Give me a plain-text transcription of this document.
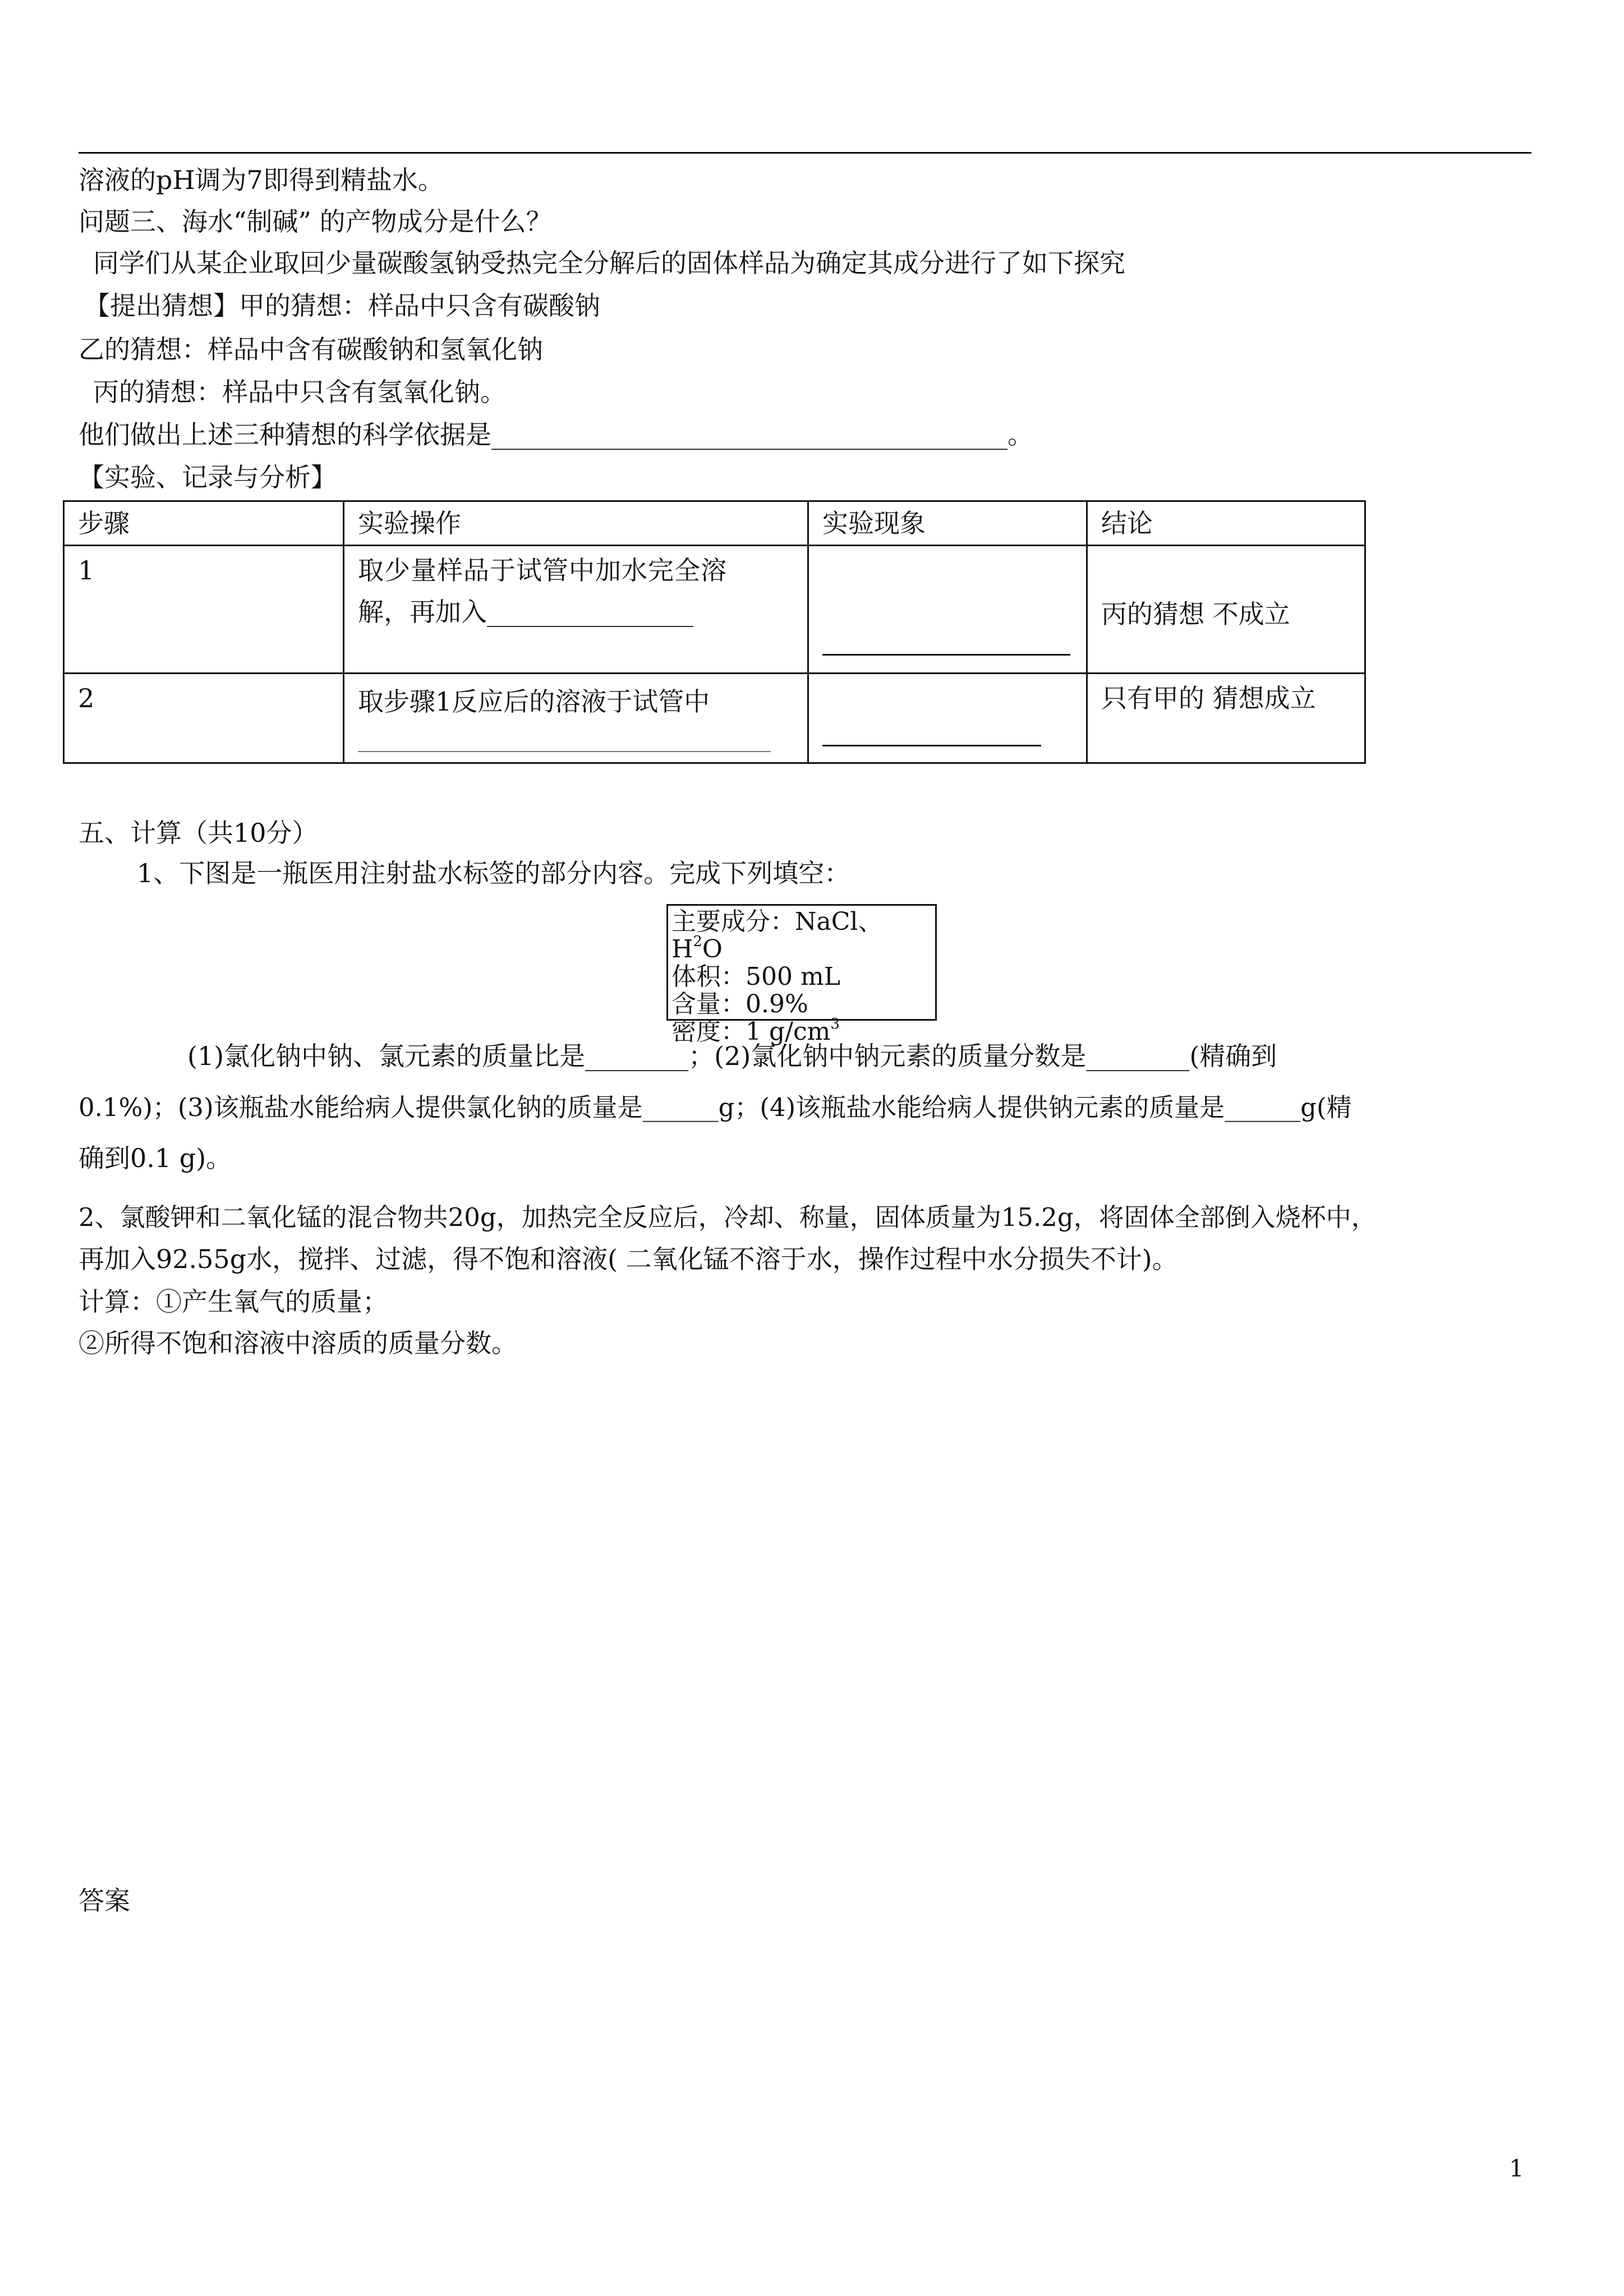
溶液的pH调为7即得到精盐水。
问题三、海水“制碱” 的产物成分是什么？
同学们从某企业取回少量碳酸氢钠受热完全分解后的固体样品为确定其成分进行了如下探究
【提出猜想】甲的猜想：样品中只含有碳酸钠
乙的猜想：样品中含有碳酸钠和氢氧化钠
丙的猜想：样品中只含有氢氧化钠。
他们做出上述三种猜想的科学依据是________________________________________。
【实验、记录与分析】
步骤	实验操作	实验现象	结论
1	取少量样品于试管中加水完全溶
解，再加入________________		丙的猜想 不成立
2	取步骤1反应后的溶液于试管中
________________________________		只有甲的 猜想成立
五、计算（共10分）
1、下图是一瓶医用注射盐水标签的部分内容。完成下列填空：
主要成分：NaCl、$H^2O$
体积：500 mL
含量：0.9%
密度：1 $g/cm^3$
(1)氯化钠中钠、氯元素的质量比是________；(2)氯化钠中钠元素的质量分数是________(精确到
0.1%)；(3)该瓶盐水能给病人提供氯化钠的质量是______g；(4)该瓶盐水能给病人提供钠元素的质量是______g(精
确到0.1 g)。
2、氯酸钾和二氧化锰的混合物共20g，加热完全反应后，冷却、称量，固体质量为15.2g，将固体全部倒入烧杯中，
再加入92.55g水，搅拌、过滤，得不饱和溶液( 二氧化锰不溶于水，操作过程中水分损失不计)。
计算：①产生氧气的质量；
②所得不饱和溶液中溶质的质量分数。
答案
1
